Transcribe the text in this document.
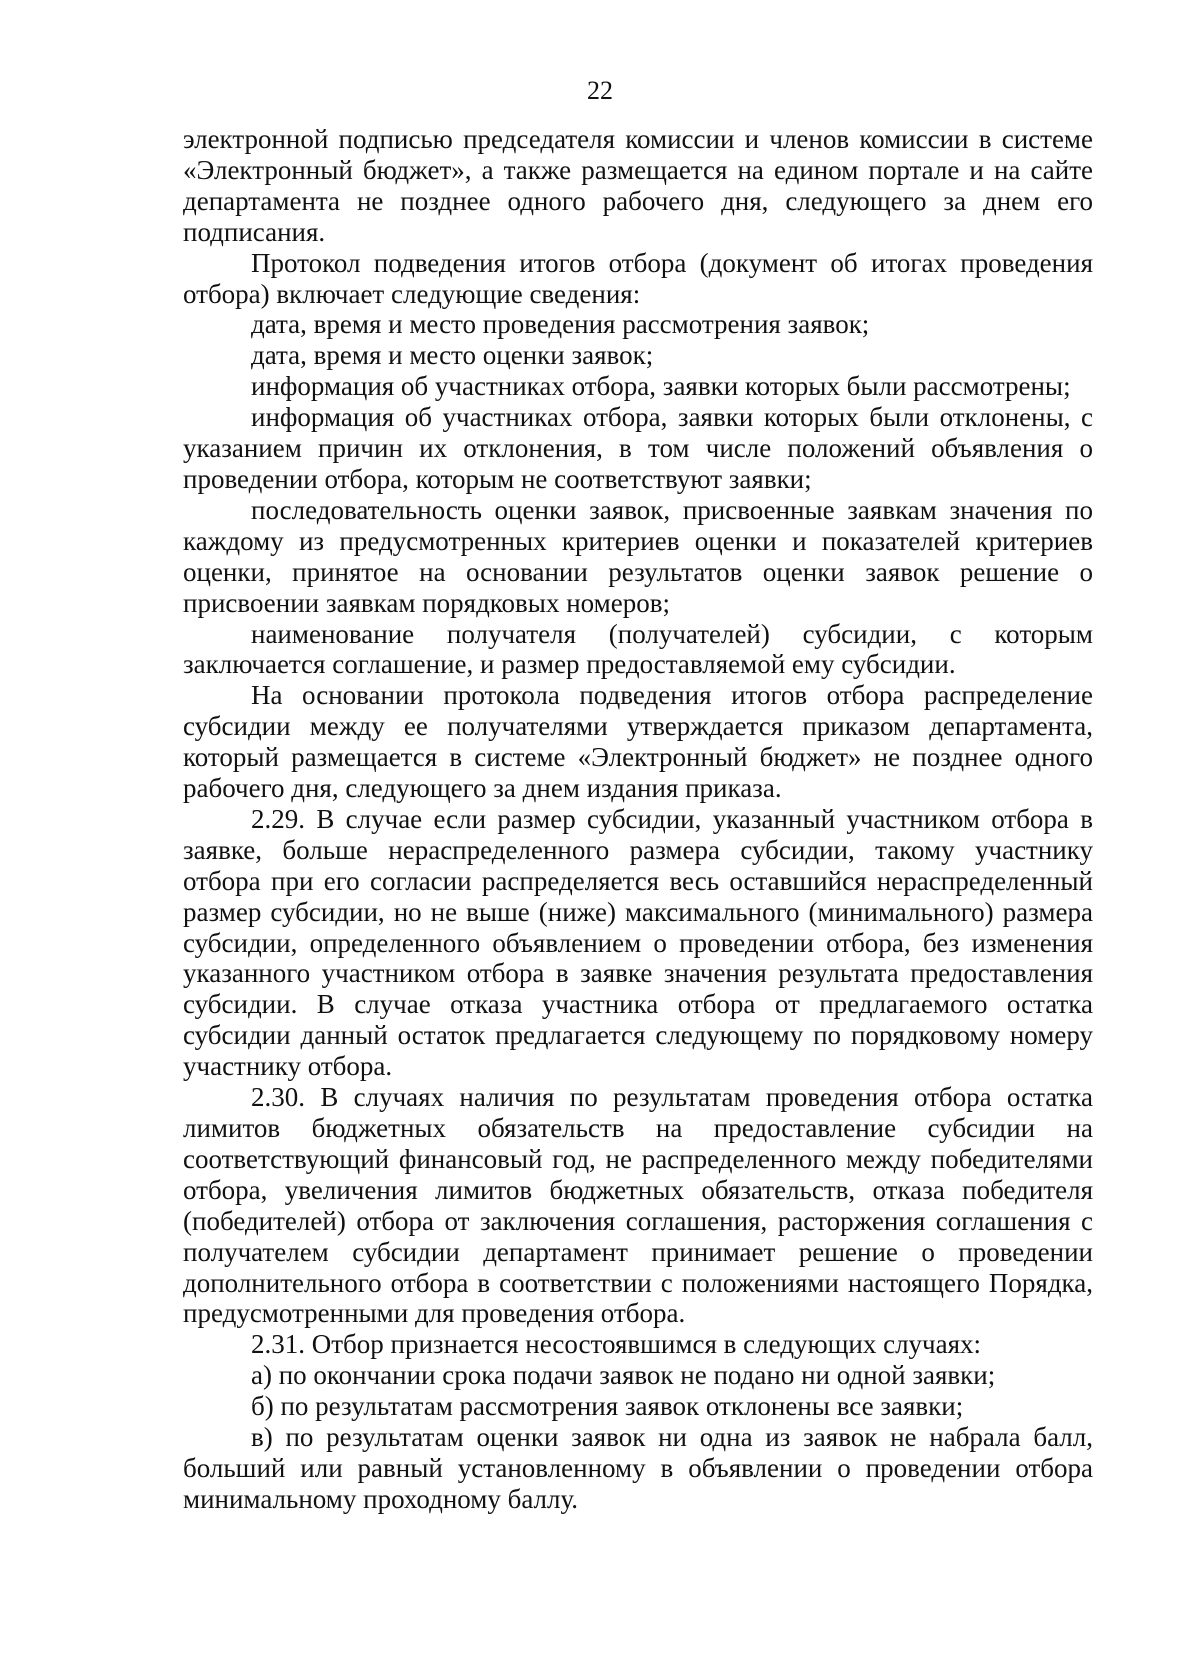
22

электронной подписью председателя комиссии и членов комиссии в системе «Электронный бюджет», а также размещается на едином портале и на сайте департамента не позднее одного рабочего дня, следующего за днем его подписания.

Протокол подведения итогов отбора (документ об итогах проведения отбора) включает следующие сведения:

дата, время и место проведения рассмотрения заявок;

дата, время и место оценки заявок;

информация об участниках отбора, заявки которых были рассмотрены;

информация об участниках отбора, заявки которых были отклонены, с указанием причин их отклонения, в том числе положений объявления о проведении отбора, которым не соответствуют заявки;

последовательность оценки заявок, присвоенные заявкам значения по каждому из предусмотренных критериев оценки и показателей критериев оценки, принятое на основании результатов оценки заявок решение о присвоении заявкам порядковых номеров;

наименование получателя (получателей) субсидии, с которым заключается соглашение, и размер предоставляемой ему субсидии.

На основании протокола подведения итогов отбора распределение субсидии между ее получателями утверждается приказом департамента, который размещается в системе «Электронный бюджет» не позднее одного рабочего дня, следующего за днем издания приказа.

2.29. В случае если размер субсидии, указанный участником отбора в заявке, больше нераспределенного размера субсидии, такому участнику отбора при его согласии распределяется весь оставшийся нераспределенный размер субсидии, но не выше (ниже) максимального (минимального) размера субсидии, определенного объявлением о проведении отбора, без изменения указанного участником отбора в заявке значения результата предоставления субсидии. В случае отказа участника отбора от предлагаемого остатка субсидии данный остаток предлагается следующему по порядковому номеру участнику отбора.

2.30. В случаях наличия по результатам проведения отбора остатка лимитов бюджетных обязательств на предоставление субсидии на соответствующий финансовый год, не распределенного между победителями отбора, увеличения лимитов бюджетных обязательств, отказа победителя (победителей) отбора от заключения соглашения, расторжения соглашения с получателем субсидии департамент принимает решение о проведении дополнительного отбора в соответствии с положениями настоящего Порядка, предусмотренными для проведения отбора.

2.31. Отбор признается несостоявшимся в следующих случаях:

а) по окончании срока подачи заявок не подано ни одной заявки;

б) по результатам рассмотрения заявок отклонены все заявки;

в) по результатам оценки заявок ни одна из заявок не набрала балл, больший или равный установленному в объявлении о проведении отбора минимальному проходному баллу.
